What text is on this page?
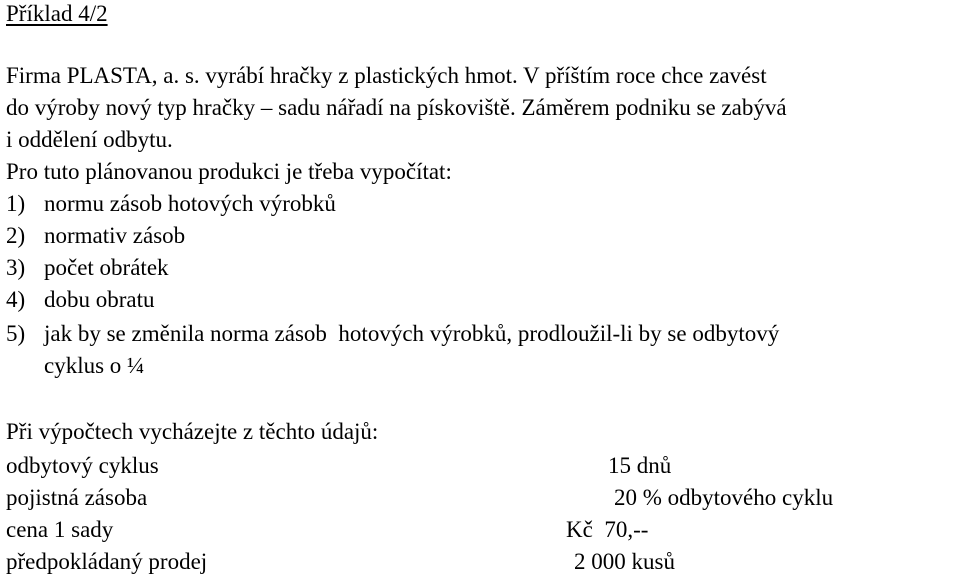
Příklad 4/2
Firma PLASTA, a. s. vyrábí hračky z plastických hmot. V příštím roce chce zavést
do výroby nový typ hračky – sadu nářadí na pískoviště. Záměrem podniku se zabývá
i oddělení odbytu.
Pro tuto plánovanou produkci je třeba vypočítat:
1) normu zásob hotových výrobků
2) normativ zásob
3) počet obrátek
4) dobu obratu
5) jak by se změnila norma zásob  hotových výrobků, prodloužil-li by se odbytový
cyklus o ¼
Při výpočtech vycházejte z těchto údajů:
odbytový cyklus	15 dnů
pojistná zásoba	20 % odbytového cyklu
cena 1 sady	Kč  70,--
předpokládaný prodej	2 000 kusů
